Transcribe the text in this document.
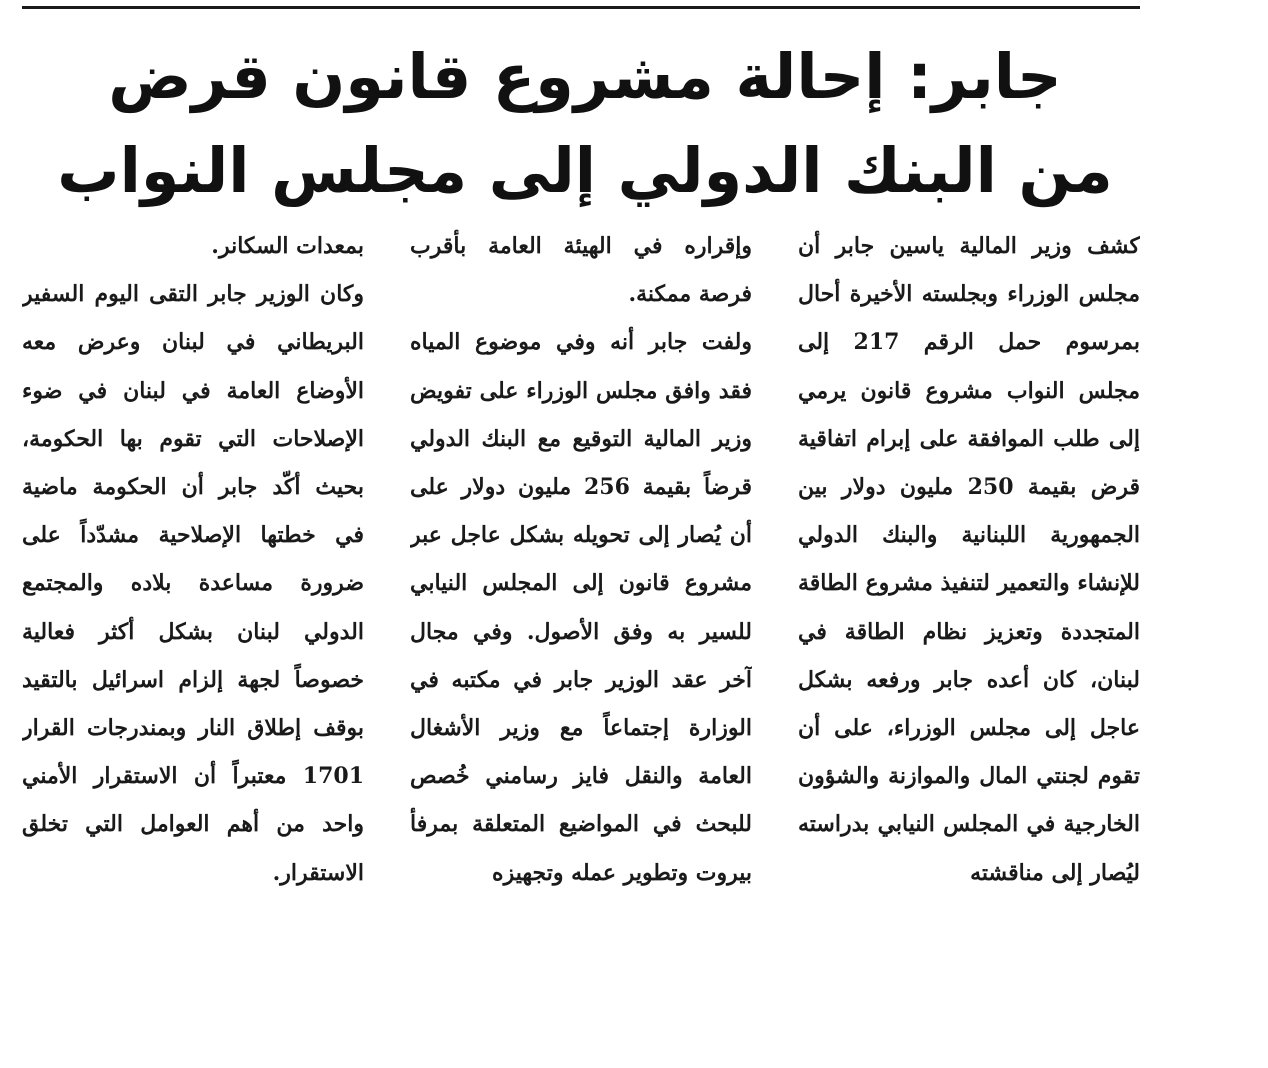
جابر: إحالة مشروع قانون قرض
من البنك الدولي إلى مجلس النواب

كشف وزير المالية ياسين جابر أن مجلس الوزراء وبجلسته الأخيرة أحال بمرسوم حمل الرقم 217 إلى مجلس النواب مشروع قانون يرمي إلى طلب الموافقة على إبرام اتفاقية قرض بقيمة 250 مليون دولار بين الجمهورية اللبنانية والبنك الدولي للإنشاء والتعمير لتنفيذ مشروع الطاقة المتجددة وتعزيز نظام الطاقة في لبنان، كان أعده جابر ورفعه بشكل عاجل إلى مجلس الوزراء، على أن تقوم لجنتي المال والموازنة والشؤون الخارجية في المجلس النيابي بدراسته ليُصار إلى مناقشته

وإقراره في الهيئة العامة بأقرب فرصة ممكنة.

ولفت جابر أنه وفي موضوع المياه فقد وافق مجلس الوزراء على تفويض وزير المالية التوقيع مع البنك الدولي قرضاً بقيمة 256 مليون دولار على أن يُصار إلى تحويله بشكل عاجل عبر مشروع قانون إلى المجلس النيابي للسير به وفق الأصول. وفي مجال آخر عقد الوزير جابر في مكتبه في الوزارة إجتماعاً مع وزير الأشغال العامة والنقل فايز رسامني خُصص للبحث في المواضيع المتعلقة بمرفأ بيروت وتطوير عمله وتجهيزه

بمعدات السكانر.

وكان الوزير جابر التقى اليوم السفير البريطاني في لبنان وعرض معه الأوضاع العامة في لبنان في ضوء الإصلاحات التي تقوم بها الحكومة، بحيث أكّد جابر أن الحكومة ماضية في خطتها الإصلاحية مشدّداً على ضرورة مساعدة بلاده والمجتمع الدولي لبنان بشكل أكثر فعالية خصوصاً لجهة إلزام اسرائيل بالتقيد بوقف إطلاق النار وبمندرجات القرار 1701 معتبراً أن الاستقرار الأمني واحد من أهم العوامل التي تخلق الاستقرار.
